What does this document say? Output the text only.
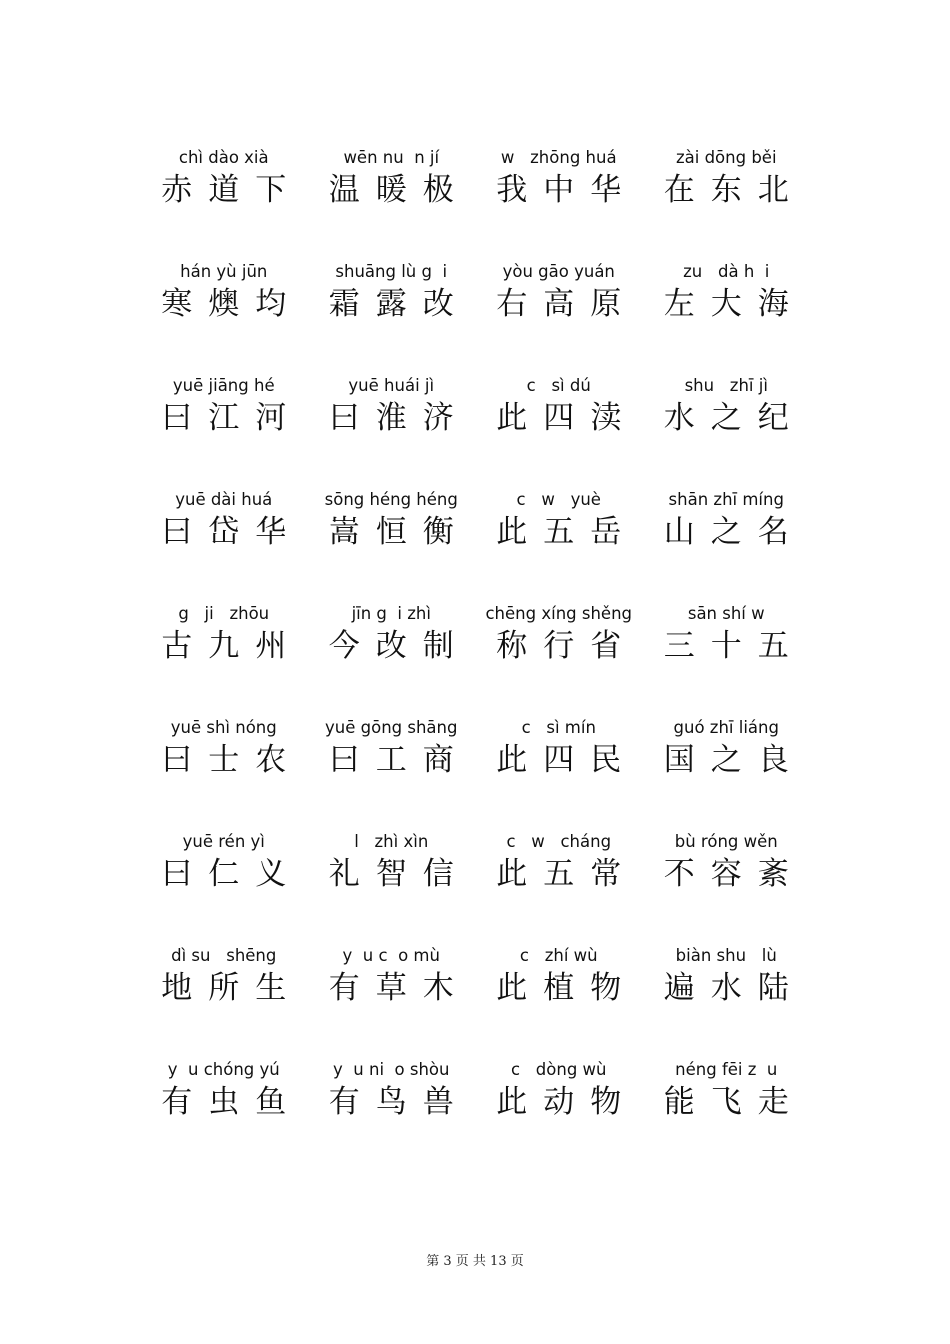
chì dào xià
赤道下
wēn nu  n jí
温暖极
w   zhōng huá
我中华
zài dōng běi
在东北
hán yù jūn
寒燠均
shuāng lù g  i
霜露改
yòu gāo yuán
右高原
zu   dà h  i
左大海
yuē jiāng hé
曰江河
yuē huái jì
曰淮济
c   sì dú
此四渎
shu   zhī jì
水之纪
yuē dài huá
曰岱华
sōng héng héng
嵩恒衡
c   w   yuè
此五岳
shān zhī míng
山之名
g   ji   zhōu
古九州
jīn g  i zhì
今改制
chēng xíng shěng
称行省
sān shí w
三十五
yuē shì nóng
曰士农
yuē gōng shāng
曰工商
c   sì mín
此四民
guó zhī liáng
国之良
yuē rén yì
曰仁义
l   zhì xìn
礼智信
c   w   cháng
此五常
bù róng wěn
不容紊
dì su   shēng
地所生
y  u c  o mù
有草木
c   zhí wù
此植物
biàn shu   lù
遍水陆
y  u chóng yú
有虫鱼
y  u ni  o shòu
有鸟兽
c   dòng wù
此动物
néng fēi z  u
能飞走
第 3 页 共 13 页
